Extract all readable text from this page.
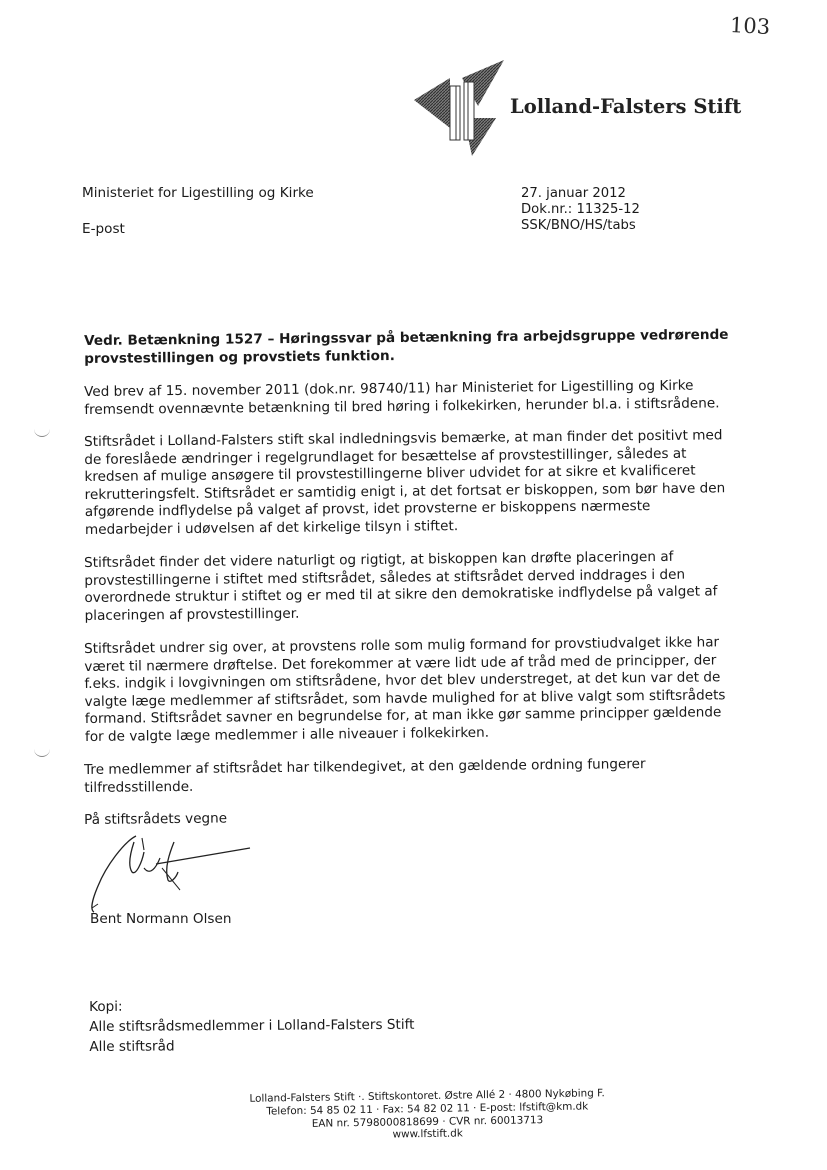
103
Lolland-Falsters Stift
Ministeriet for Ligestilling og Kirke
E-post
27. januar 2012
Dok.nr.: 11325-12
SSK/BNO/HS/tabs
Vedr. Betænkning 1527 – Høringssvar på betænkning fra arbejdsgruppe vedrørende
provstestillingen og provstiets funktion.
Ved brev af 15. november 2011 (dok.nr. 98740/11) har Ministeriet for Ligestilling og Kirke
fremsendt ovennævnte betænkning til bred høring i folkekirken, herunder bl.a. i stiftsrådene.
Stiftsrådet i Lolland-Falsters stift skal indledningsvis bemærke, at man finder det positivt med
de foreslåede ændringer i regelgrundlaget for besættelse af provstestillinger, således at
kredsen af mulige ansøgere til provstestillingerne bliver udvidet for at sikre et kvalificeret
rekrutteringsfelt. Stiftsrådet er samtidig enigt i, at det fortsat er biskoppen, som bør have den
afgørende indflydelse på valget af provst, idet provsterne er biskoppens nærmeste
medarbejder i udøvelsen af det kirkelige tilsyn i stiftet.
Stiftsrådet finder det videre naturligt og rigtigt, at biskoppen kan drøfte placeringen af
provstestillingerne i stiftet med stiftsrådet, således at stiftsrådet derved inddrages i den
overordnede struktur i stiftet og er med til at sikre den demokratiske indflydelse på valget af
placeringen af provstestillinger.
Stiftsrådet undrer sig over, at provstens rolle som mulig formand for provstiudvalget ikke har
været til nærmere drøftelse. Det forekommer at være lidt ude af tråd med de principper, der
f.eks. indgik i lovgivningen om stiftsrådene, hvor det blev understreget, at det kun var det de
valgte læge medlemmer af stiftsrådet, som havde mulighed for at blive valgt som stiftsrådets
formand. Stiftsrådet savner en begrundelse for, at man ikke gør samme principper gældende
for de valgte læge medlemmer i alle niveauer i folkekirken.
Tre medlemmer af stiftsrådet har tilkendegivet, at den gældende ordning fungerer
tilfredsstillende.
På stiftsrådets vegne
Bent Normann Olsen
Kopi:
Alle stiftsrådsmedlemmer i Lolland-Falsters Stift
Alle stiftsråd
Lolland-Falsters Stift ·. Stiftskontoret. Østre Allé 2 · 4800 Nykøbing F.
Telefon: 54 85 02 11 · Fax: 54 82 02 11 · E-post: lfstift@km.dk
EAN nr. 5798000818699 · CVR nr. 60013713
www.lfstift.dk
